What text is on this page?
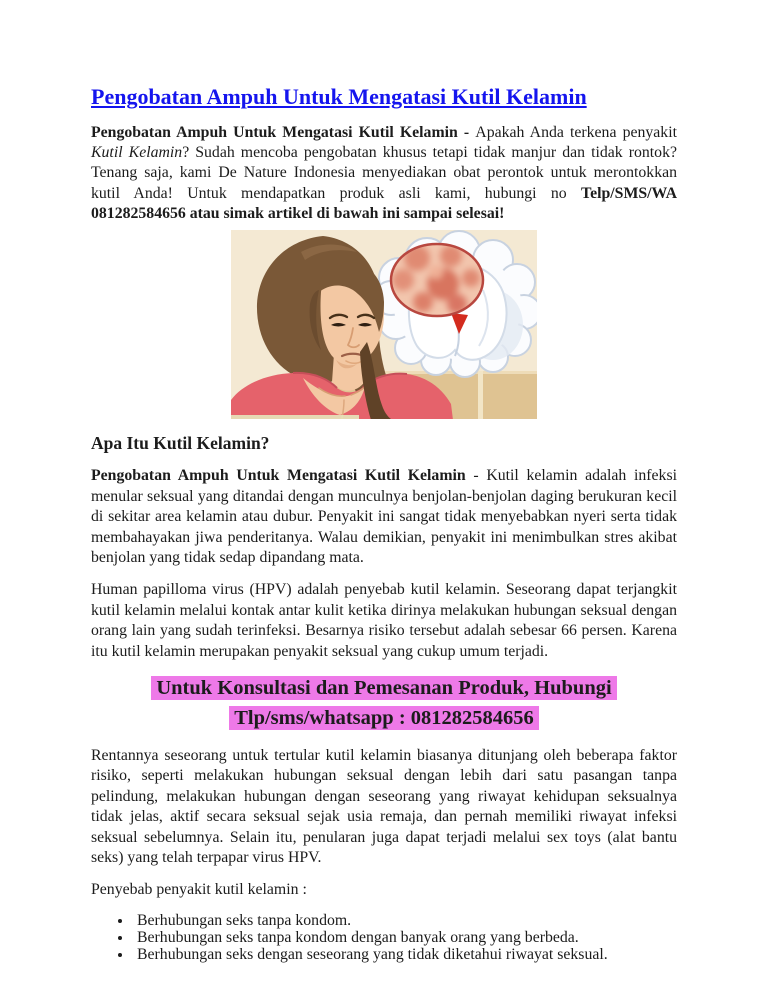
Pengobatan Ampuh Untuk Mengatasi Kutil Kelamin

Pengobatan Ampuh Untuk Mengatasi Kutil Kelamin - Apakah Anda terkena penyakit Kutil Kelamin? Sudah mencoba pengobatan khusus tetapi tidak manjur dan tidak rontok? Tenang saja, kami De Nature Indonesia menyediakan obat perontok untuk merontokkan kutil Anda! Untuk mendapatkan produk asli kami, hubungi no Telp/SMS/WA 081282584656 atau simak artikel di bawah ini sampai selesai!

Apa Itu Kutil Kelamin?

Pengobatan Ampuh Untuk Mengatasi Kutil Kelamin - Kutil kelamin adalah infeksi menular seksual yang ditandai dengan munculnya benjolan-benjolan daging berukuran kecil di sekitar area kelamin atau dubur. Penyakit ini sangat tidak menyebabkan nyeri serta tidak membahayakan jiwa penderitanya. Walau demikian, penyakit ini menimbulkan stres akibat benjolan yang tidak sedap dipandang mata.

Human papilloma virus (HPV) adalah penyebab kutil kelamin. Seseorang dapat terjangkit kutil kelamin melalui kontak antar kulit ketika dirinya melakukan hubungan seksual dengan orang lain yang sudah terinfeksi. Besarnya risiko tersebut adalah sebesar 66 persen. Karena itu kutil kelamin merupakan penyakit seksual yang cukup umum terjadi.

Untuk Konsultasi dan Pemesanan Produk, Hubungi
Tlp/sms/whatsapp : 081282584656

Rentannya seseorang untuk tertular kutil kelamin biasanya ditunjang oleh beberapa faktor risiko, seperti melakukan hubungan seksual dengan lebih dari satu pasangan tanpa pelindung, melakukan hubungan dengan seseorang yang riwayat kehidupan seksualnya tidak jelas, aktif secara seksual sejak usia remaja, dan pernah memiliki riwayat infeksi seksual sebelumnya. Selain itu, penularan juga dapat terjadi melalui sex toys (alat bantu seks) yang telah terpapar virus HPV.

Penyebab penyakit kutil kelamin :

• Berhubungan seks tanpa kondom.
• Berhubungan seks tanpa kondom dengan banyak orang yang berbeda.
• Berhubungan seks dengan seseorang yang tidak diketahui riwayat seksual.
